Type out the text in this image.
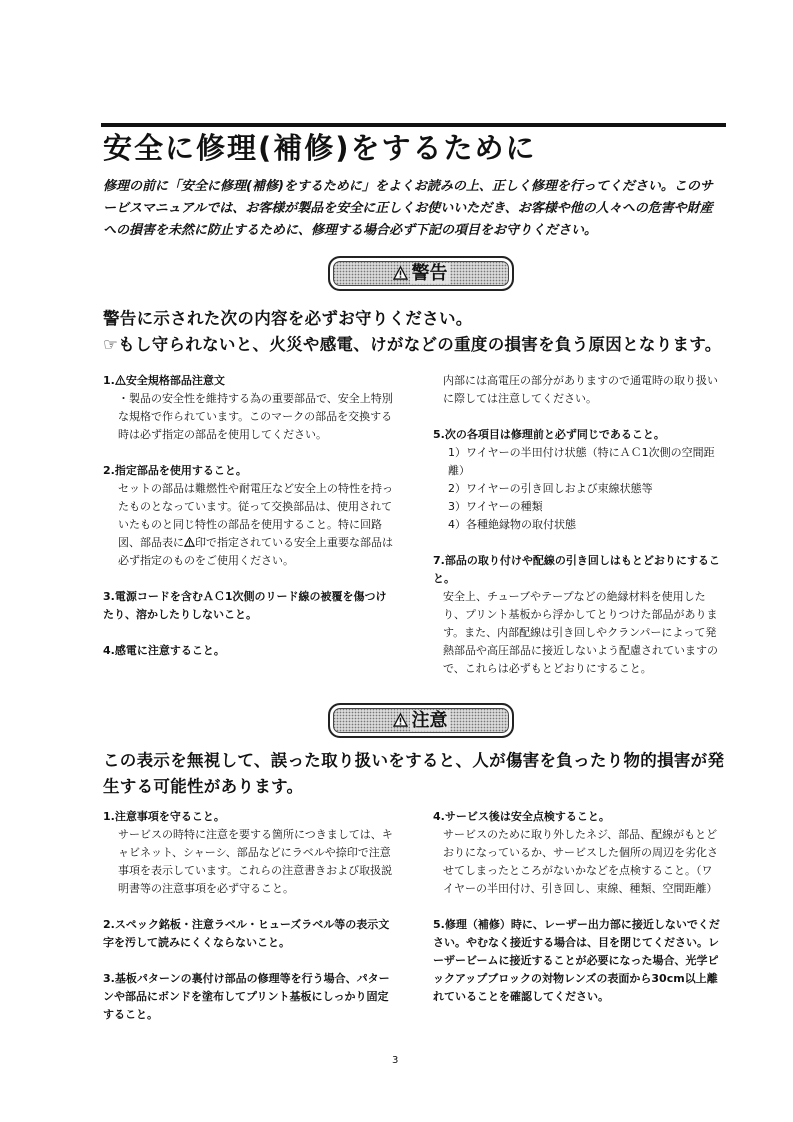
安全に修理(補修)をするために
修理の前に「安全に修理(補修)をするために」をよくお読みの上、正しく修理を行ってください。このサービスマニュアルでは、お客様が製品を安全に正しくお使いいただき、お客様や他の人々への危害や財産への損害を未然に防止するために、修理する場合必ず下記の項目をお守りください。
警告
警告に示された次の内容を必ずお守りください。
☞もし守られないと、火災や感電、けがなどの重度の損害を負う原因となります。
1. 安全規格部品注意文
・製品の安全性を維持する為の重要部品で、安全上特別な規格で作られています。このマークの部品を交換する時は必ず指定の部品を使用してください。
2.指定部品を使用すること。
セットの部品は難燃性や耐電圧など安全上の特性を持ったものとなっています。従って交換部品は、使用されていたものと同じ特性の部品を使用すること。特に回路図、部品表に 印で指定されている安全上重要な部品は必ず指定のものをご使用ください。
3.電源コードを含むＡＣ1次側のリード線の被覆を傷つけたり、溶かしたりしないこと。
4.感電に注意すること。
内部には高電圧の部分がありますので通電時の取り扱いに際しては注意してください。
5.次の各項目は修理前と必ず同じであること。
1）ワイヤーの半田付け状態（特にＡＣ1次側の空間距離）
2）ワイヤーの引き回しおよび束線状態等
3）ワイヤーの種類
4）各種絶縁物の取付状態
7.部品の取り付けや配線の引き回しはもとどおりにすること。
安全上、チューブやテープなどの絶縁材料を使用したり、プリント基板から浮かしてとりつけた部品があります。また、内部配線は引き回しやクランパーによって発熱部品や高圧部品に接近しないよう配慮されていますので、これらは必ずもとどおりにすること。
注意
この表示を無視して、誤った取り扱いをすると、人が傷害を負ったり物的損害が発生する可能性があります。
1.注意事項を守ること。
サービスの時特に注意を要する箇所につきましては、キャビネット、シャーシ、部品などにラベルや捺印で注意事項を表示しています。これらの注意書きおよび取扱説明書等の注意事項を必ず守ること。
2.スペック銘板・注意ラベル・ヒューズラベル等の表示文字を汚して読みにくくならないこと。
3.基板パターンの裏付け部品の修理等を行う場合、パターンや部品にボンドを塗布してプリント基板にしっかり固定すること。
4.サービス後は安全点検すること。
サービスのために取り外したネジ、部品、配線がもとどおりになっているか、サービスした個所の周辺を劣化させてしまったところがないかなどを点検すること。（ワイヤーの半田付け、引き回し、束線、種類、空間距離）
5.修理（補修）時に、レーザー出力部に接近しないでください。やむなく接近する場合は、目を閉じてください。レーザービームに接近することが必要になった場合、光学ピックアップブロックの対物レンズの表面から30cm以上離れていることを確認してください。
3
